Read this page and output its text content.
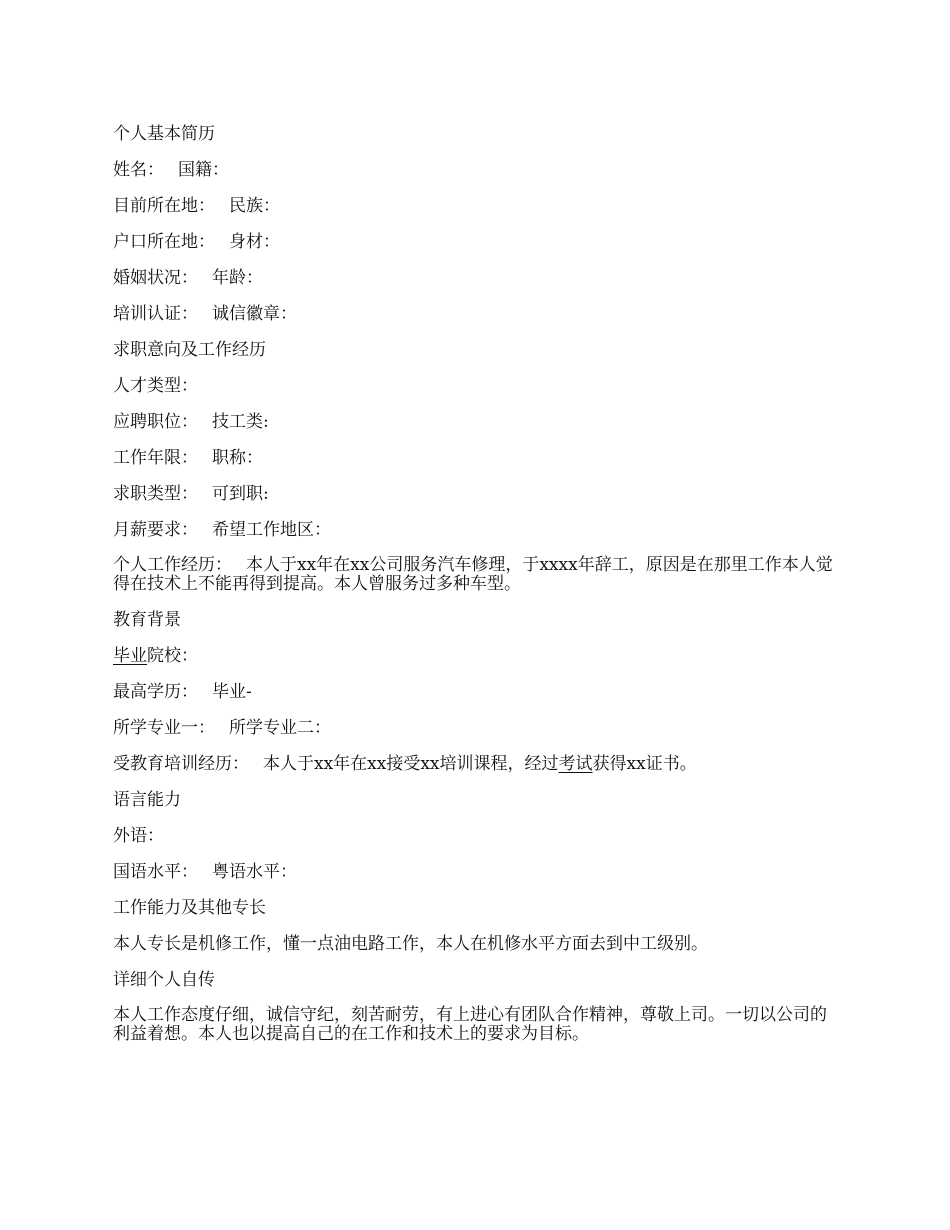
个人基本简历
姓名： 国籍：
目前所在地： 民族：
户口所在地： 身材：
婚姻状况： 年龄：
培训认证： 诚信徽章：
求职意向及工作经历
人才类型：
应聘职位： 技工类:
工作年限： 职称：
求职类型： 可到职:
月薪要求： 希望工作地区：
个人工作经历： 本人于xx年在xx公司服务汽车修理，于xxxx年辞工，原因是在那里工作本人觉得在技术上不能再得到提高。本人曾服务过多种车型。
教育背景
毕业院校：
最高学历： 毕业-
所学专业一： 所学专业二：
受教育培训经历： 本人于xx年在xx接受xx培训课程，经过考试获得xx证书。
语言能力
外语：
国语水平： 粤语水平：
工作能力及其他专长
本人专长是机修工作，懂一点油电路工作，本人在机修水平方面去到中工级别。
详细个人自传
本人工作态度仔细，诚信守纪，刻苦耐劳，有上进心有团队合作精神，尊敬上司。一切以公司的利益着想。本人也以提高自己的在工作和技术上的要求为目标。
